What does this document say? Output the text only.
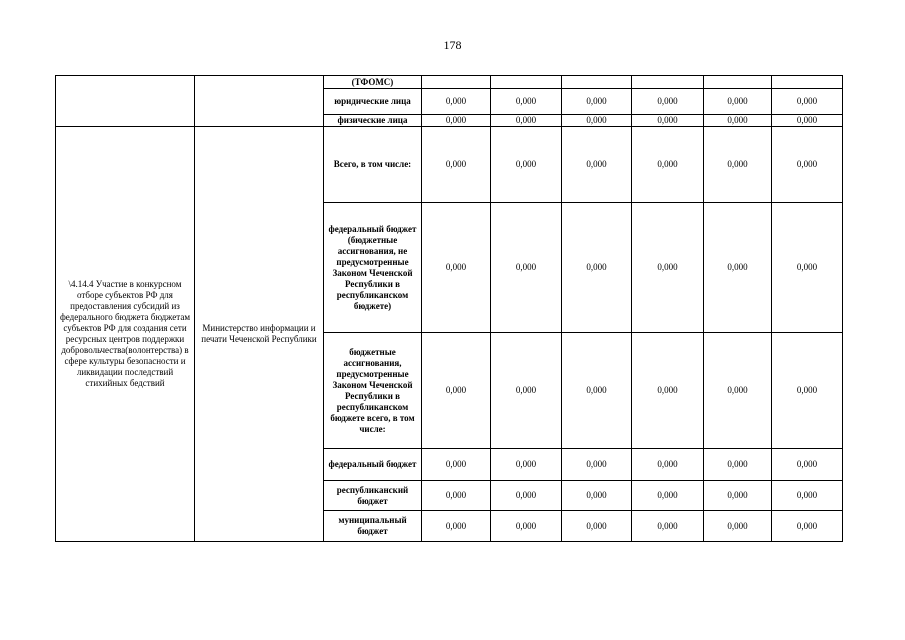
178
		(ТФОМС)						
		юридические лица	0,000	0,000	0,000	0,000	0,000	0,000
		физические лица	0,000	0,000	0,000	0,000	0,000	0,000
\4.14.4 Участие в конкурсном отборе субъектов РФ для предоставления субсидий из федерального бюджета бюджетам субъектов РФ для создания сети ресурсных центров поддержки добровольчества(волонтерства) в сфере культуры безопасности и ликвидации последствий стихийных бедствий	Министерство информации и печати Чеченской Республики	Всего, в том числе:	0,000	0,000	0,000	0,000	0,000	0,000
		федеральный бюджет (бюджетные ассигнования, не предусмотренные Законом Чеченской Республики в республиканском бюджете)	0,000	0,000	0,000	0,000	0,000	0,000
		бюджетные ассигнования, предусмотренные Законом Чеченской Республики в республиканском бюджете всего, в том числе:	0,000	0,000	0,000	0,000	0,000	0,000
		федеральный бюджет	0,000	0,000	0,000	0,000	0,000	0,000
		республиканский бюджет	0,000	0,000	0,000	0,000	0,000	0,000
		муниципальный бюджет	0,000	0,000	0,000	0,000	0,000	0,000
